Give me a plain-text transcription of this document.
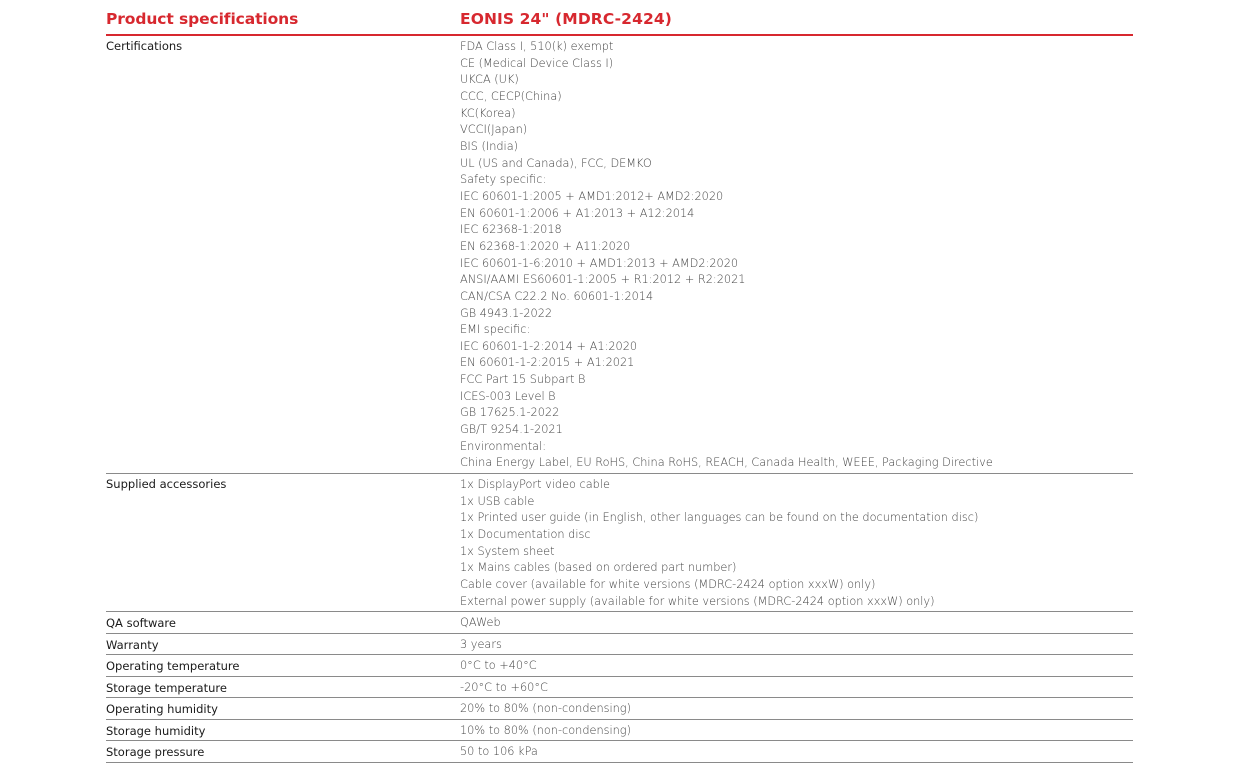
Product specifications	EONIS 24" (MDRC-2424)
Certifications	FDA Class I, 510(k) exempt
CE (Medical Device Class I)
UKCA (UK)
CCC, CECP(China)
KC(Korea)
VCCI(Japan)
BIS (India)
UL (US and Canada), FCC, DEMKO
Safety specific:
IEC 60601-1:2005 + AMD1:2012+ AMD2:2020
EN 60601-1:2006 + A1:2013 + A12:2014
IEC 62368-1:2018
EN 62368-1:2020 + A11:2020
IEC 60601-1-6:2010 + AMD1:2013 + AMD2:2020
ANSI/AAMI ES60601-1:2005 + R1:2012 + R2:2021
CAN/CSA C22.2 No. 60601-1:2014
GB 4943.1-2022
EMI specific:
IEC 60601-1-2:2014 + A1:2020
EN 60601-1-2:2015 + A1:2021
FCC Part 15 Subpart B
ICES-003 Level B
GB 17625.1-2022
GB/T 9254.1-2021
Environmental:
China Energy Label, EU RoHS, China RoHS, REACH, Canada Health, WEEE, Packaging Directive
Supplied accessories	1x DisplayPort video cable
1x USB cable
1x Printed user guide (in English, other languages can be found on the documentation disc)
1x Documentation disc
1x System sheet
1x Mains cables (based on ordered part number)
Cable cover (available for white versions (MDRC-2424 option xxxW) only)
External power supply (available for white versions (MDRC-2424 option xxxW) only)
QA software	QAWeb
Warranty	3 years
Operating temperature	0°C to +40°C
Storage temperature	-20°C to +60°C
Operating humidity	20% to 80% (non-condensing)
Storage humidity	10% to 80% (non-condensing)
Storage pressure	50 to 106 kPa
